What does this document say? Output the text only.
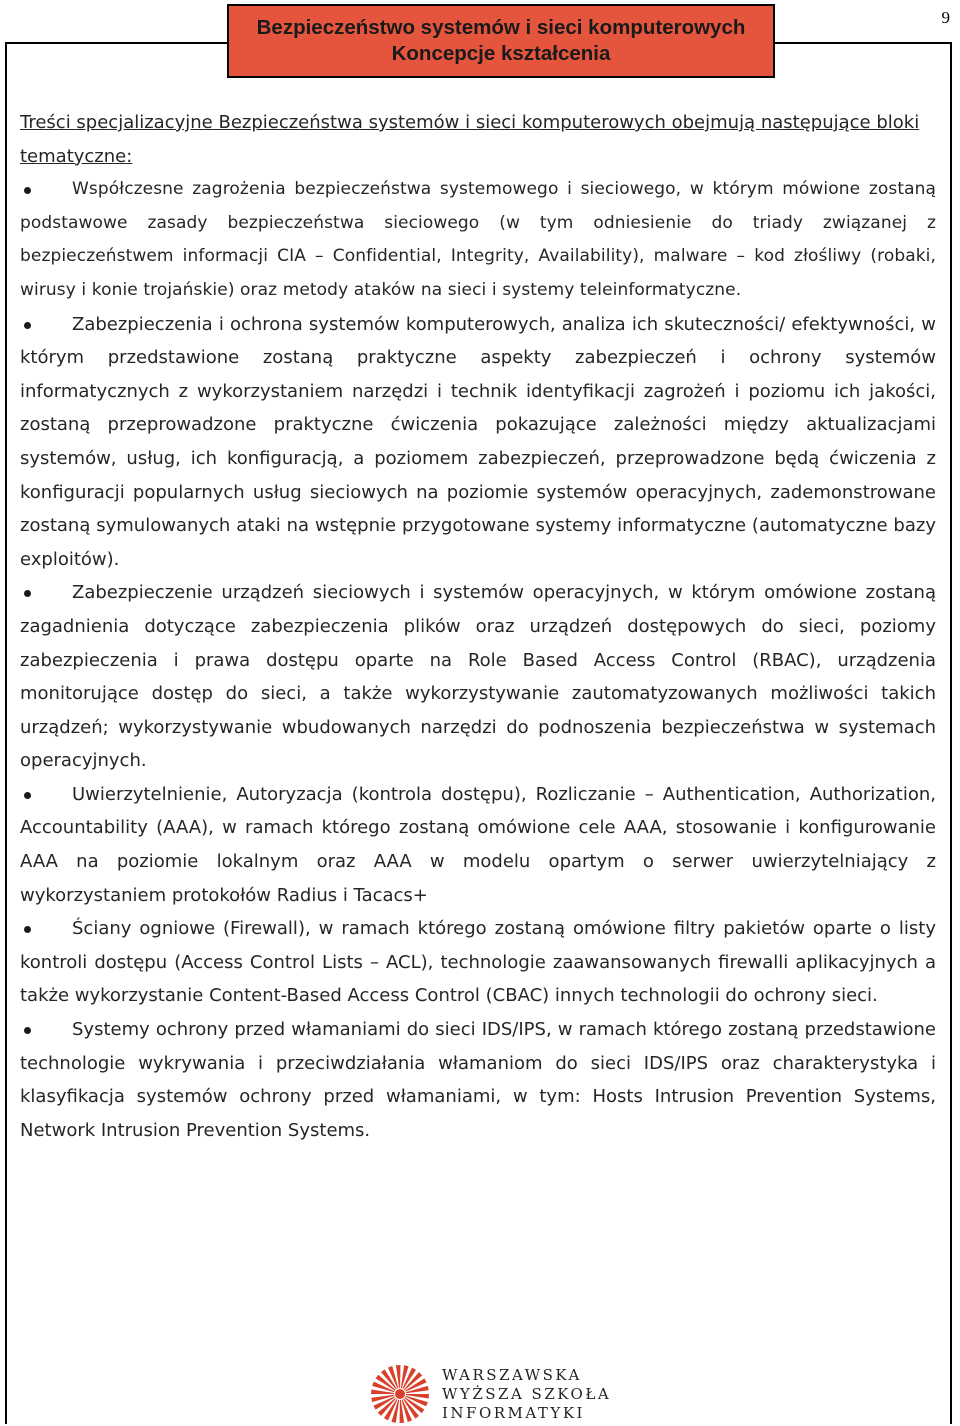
Bezpieczeństwo systemów i sieci komputerowych
Koncepcje kształcenia
9

Treści specjalizacyjne Bezpieczeństwa systemów i sieci komputerowych obejmują następujące bloki tematyczne:

Współczesne zagrożenia bezpieczeństwa systemowego i sieciowego, w którym mówione zostaną podstawowe zasady bezpieczeństwa sieciowego (w tym odniesienie do triady związanej z bezpieczeństwem informacji CIA – Confidential, Integrity, Availability), malware – kod złośliwy (robaki, wirusy i konie trojańskie) oraz metody ataków na sieci i systemy teleinformatyczne.
Zabezpieczenia i ochrona systemów komputerowych, analiza ich skuteczności/ efektywności, w którym przedstawione zostaną praktyczne aspekty zabezpieczeń i ochrony systemów informatycznych z wykorzystaniem narzędzi i technik identyfikacji zagrożeń i poziomu ich jakości, zostaną przeprowadzone praktyczne ćwiczenia pokazujące zależności między aktualizacjami systemów, usług, ich konfiguracją, a poziomem zabezpieczeń, przeprowadzone będą ćwiczenia z konfiguracji popularnych usług sieciowych na poziomie systemów operacyjnych, zademonstrowane zostaną symulowanych ataki na wstępnie przygotowane systemy informatyczne (automatyczne bazy exploitów).
Zabezpieczenie urządzeń sieciowych i systemów operacyjnych, w którym omówione zostaną zagadnienia dotyczące zabezpieczenia plików oraz urządzeń dostępowych do sieci, poziomy zabezpieczenia i prawa dostępu oparte na Role Based Access Control (RBAC), urządzenia monitorujące dostęp do sieci, a także wykorzystywanie zautomatyzowanych możliwości takich urządzeń; wykorzystywanie wbudowanych narzędzi do podnoszenia bezpieczeństwa w systemach operacyjnych.
Uwierzytelnienie, Autoryzacja (kontrola dostępu), Rozliczanie – Authentication, Authorization, Accountability (AAA), w ramach którego zostaną omówione cele AAA, stosowanie i konfigurowanie AAA na poziomie lokalnym oraz AAA w modelu opartym o serwer uwierzytelniający z wykorzystaniem protokołów Radius i Tacacs+
Ściany ogniowe (Firewall), w ramach którego zostaną omówione filtry pakietów oparte o listy kontroli dostępu (Access Control Lists – ACL), technologie zaawansowanych firewalli aplikacyjnych a także wykorzystanie Content-Based Access Control (CBAC) innych technologii do ochrony sieci.
Systemy ochrony przed włamaniami do sieci IDS/IPS, w ramach którego zostaną przedstawione technologie wykrywania i przeciwdziałania włamaniom do sieci IDS/IPS oraz charakterystyka i klasyfikacja systemów ochrony przed włamaniami, w tym: Hosts Intrusion Prevention Systems, Network Intrusion Prevention Systems.
WARSZAWSKA
WYŻSZA SZKOŁA
INFORMATYKI
